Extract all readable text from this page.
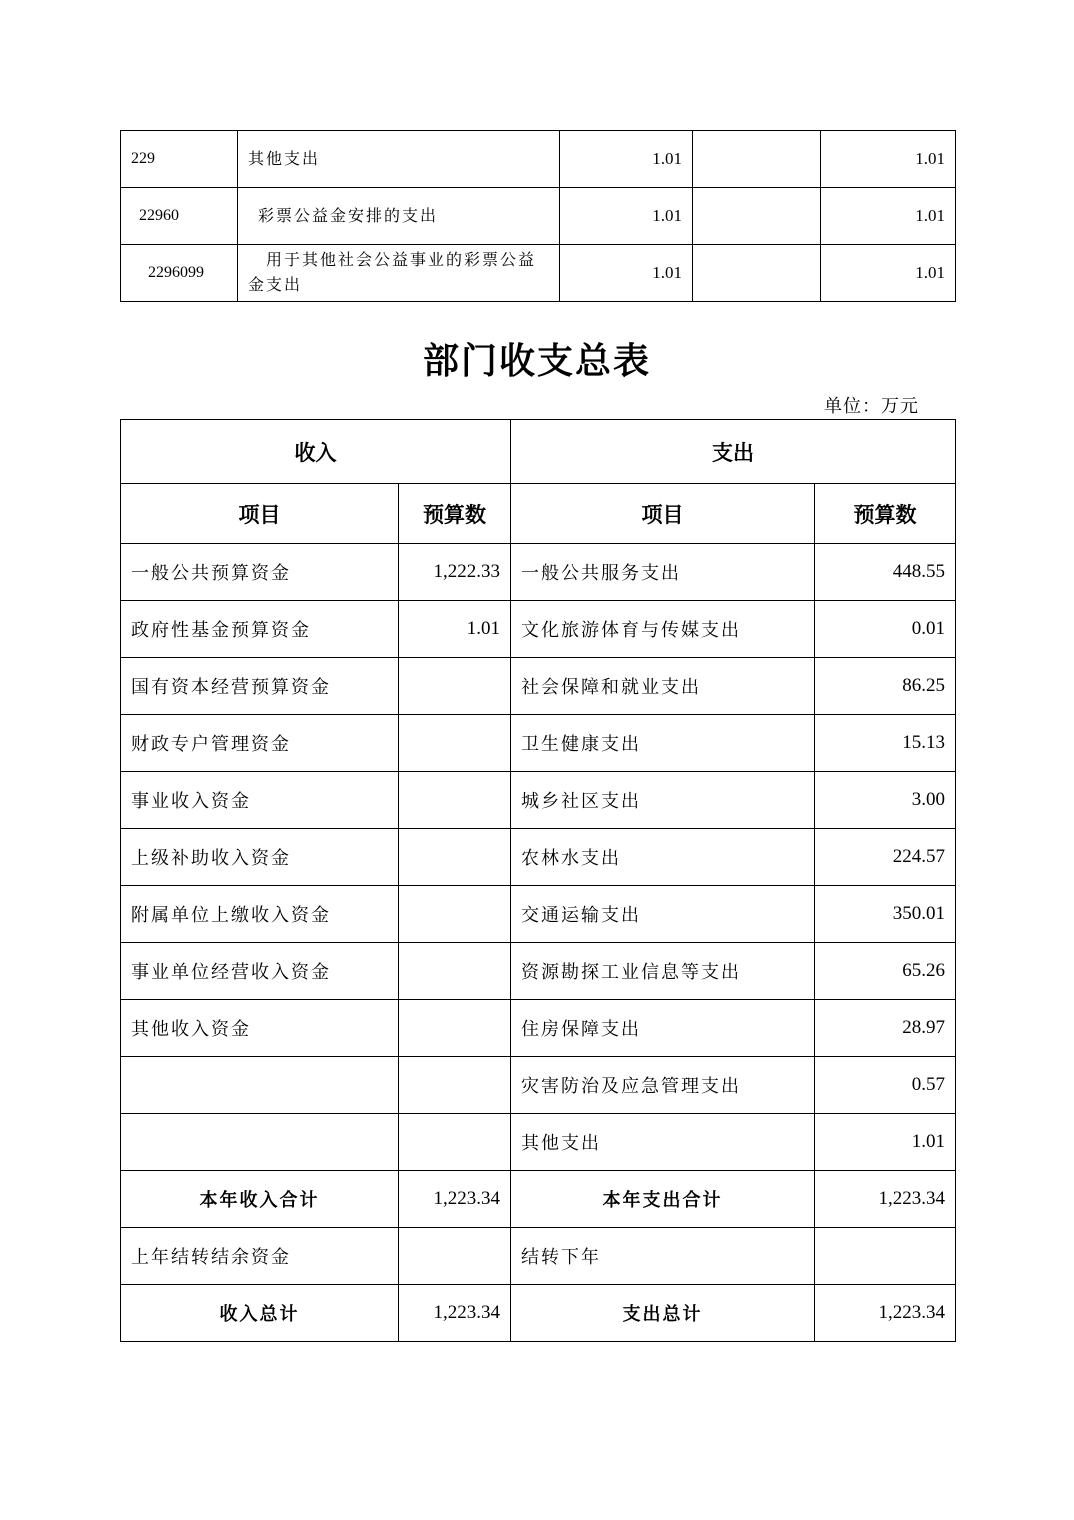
229	其他支出	1.01		1.01
22960	彩票公益金安排的支出	1.01		1.01
2296099	用于其他社会公益事业的彩票公益金支出	1.01		1.01
部门收支总表
单位：万元
收入		支出	
项目	预算数	项目	预算数
一般公共预算资金	1,222.33	一般公共服务支出	448.55
政府性基金预算资金	1.01	文化旅游体育与传媒支出	0.01
国有资本经营预算资金		社会保障和就业支出	86.25
财政专户管理资金		卫生健康支出	15.13
事业收入资金		城乡社区支出	3.00
上级补助收入资金		农林水支出	224.57
附属单位上缴收入资金		交通运输支出	350.01
事业单位经营收入资金		资源勘探工业信息等支出	65.26
其他收入资金		住房保障支出	28.97
		灾害防治及应急管理支出	0.57
		其他支出	1.01
本年收入合计	1,223.34	本年支出合计	1,223.34
上年结转结余资金		结转下年	
收入总计	1,223.34	支出总计	1,223.34
